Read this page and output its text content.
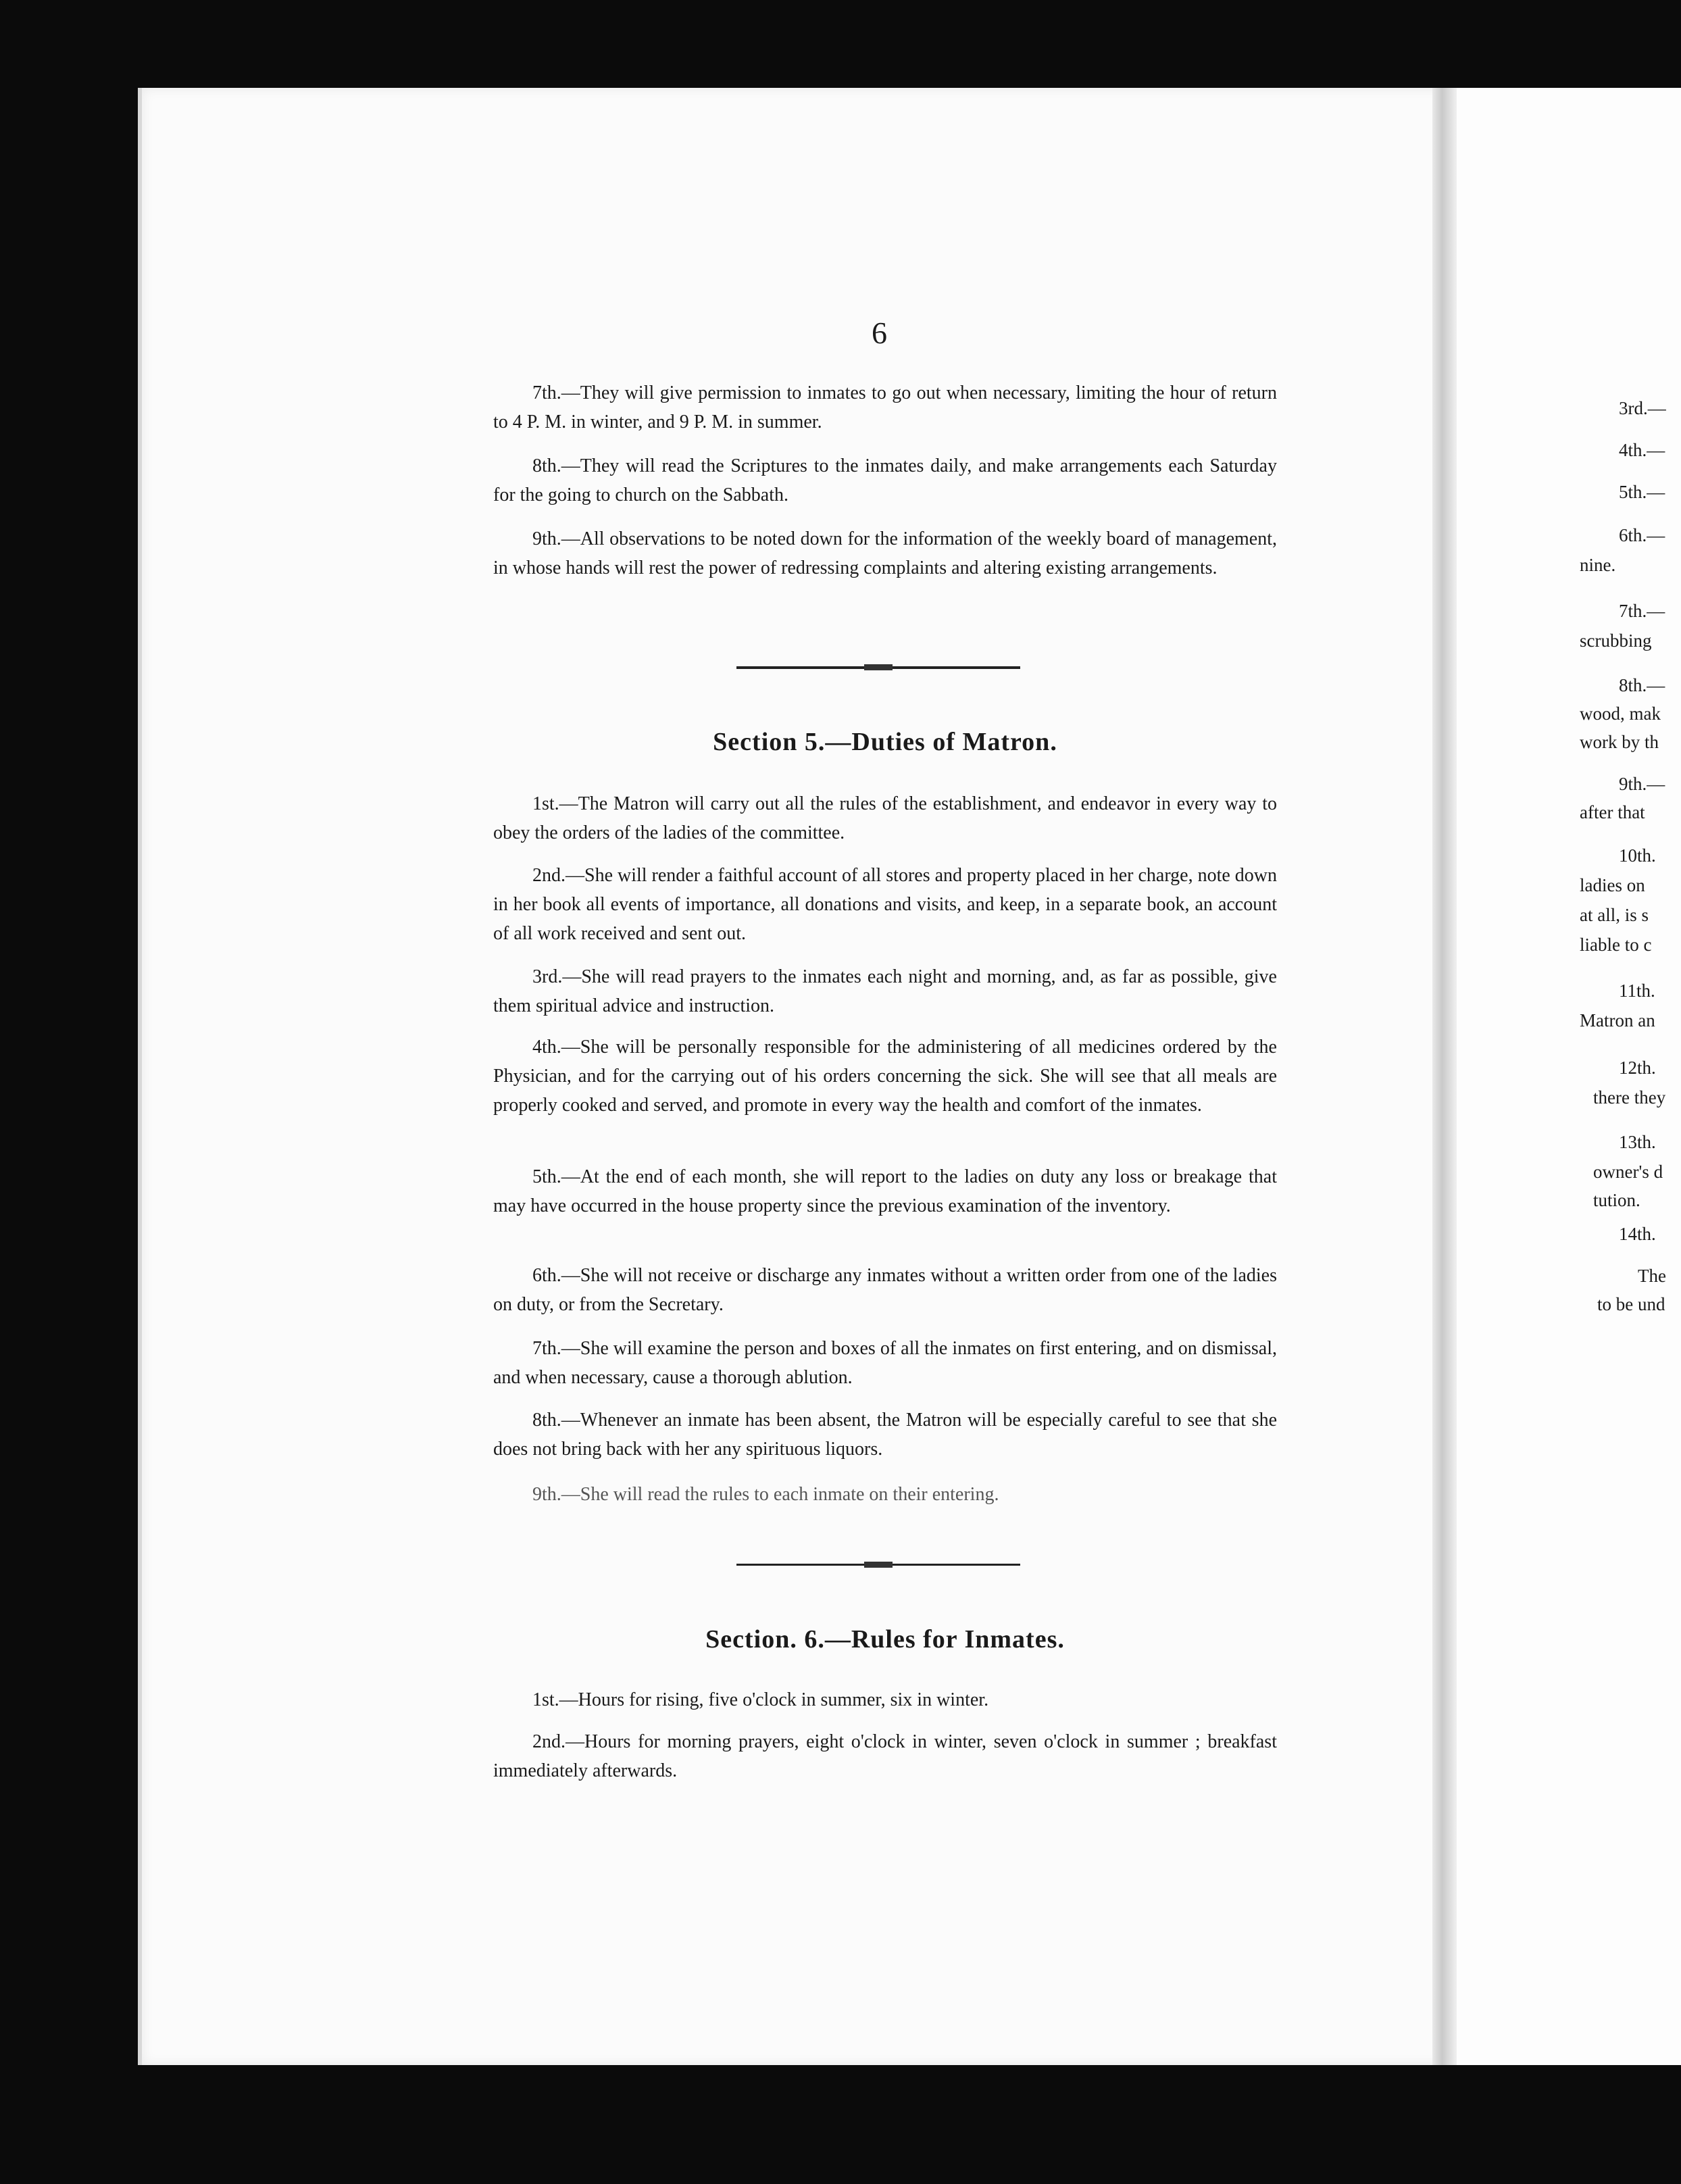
6

7th.—They will give permission to inmates to go out when necessary, limiting the hour of return to 4 P. M. in winter, and 9 P. M. in summer.

8th.—They will read the Scriptures to the inmates daily, and make arrangements each Saturday for the going to church on the Sabbath.

9th.—All observations to be noted down for the information of the weekly board of management, in whose hands will rest the power of redressing complaints and altering existing arrangements.

Section 5.—Duties of Matron.

1st.—The Matron will carry out all the rules of the establishment, and endeavor in every way to obey the orders of the ladies of the committee.

2nd.—She will render a faithful account of all stores and property placed in her charge, note down in her book all events of importance, all donations and visits, and keep, in a separate book, an account of all work received and sent out.

3rd.—She will read prayers to the inmates each night and morning, and, as far as possible, give them spiritual advice and instruction.

4th.—She will be personally responsible for the administering of all medicines ordered by the Physician, and for the carrying out of his orders concerning the sick. She will see that all meals are properly cooked and served, and promote in every way the health and comfort of the inmates.

5th.—At the end of each month, she will report to the ladies on duty any loss or breakage that may have occurred in the house property since the previous examination of the inventory.

6th.—She will not receive or discharge any inmates without a written order from one of the ladies on duty, or from the Secretary.

7th.—She will examine the person and boxes of all the inmates on first entering, and on dismissal, and when necessary, cause a thorough ablution.

8th.—Whenever an inmate has been absent, the Matron will be especially careful to see that she does not bring back with her any spirituous liquors.

9th.—She will read the rules to each inmate on their entering.

Section. 6.—Rules for Inmates.

1st.—Hours for rising, five o'clock in summer, six in winter.

2nd.—Hours for morning prayers, eight o'clock in winter, seven o'clock in summer ; breakfast immediately afterwards.

3rd.—
4th.—
5th.—
6th.—
nine.
7th.—
scrubbing
8th.—
wood, mak
work by th
9th.—
after that
10th.
ladies on
at all, is s
liable to c
11th.
Matron an
12th.
there they
13th.
owner's d
tution.
14th.
The
to be und
